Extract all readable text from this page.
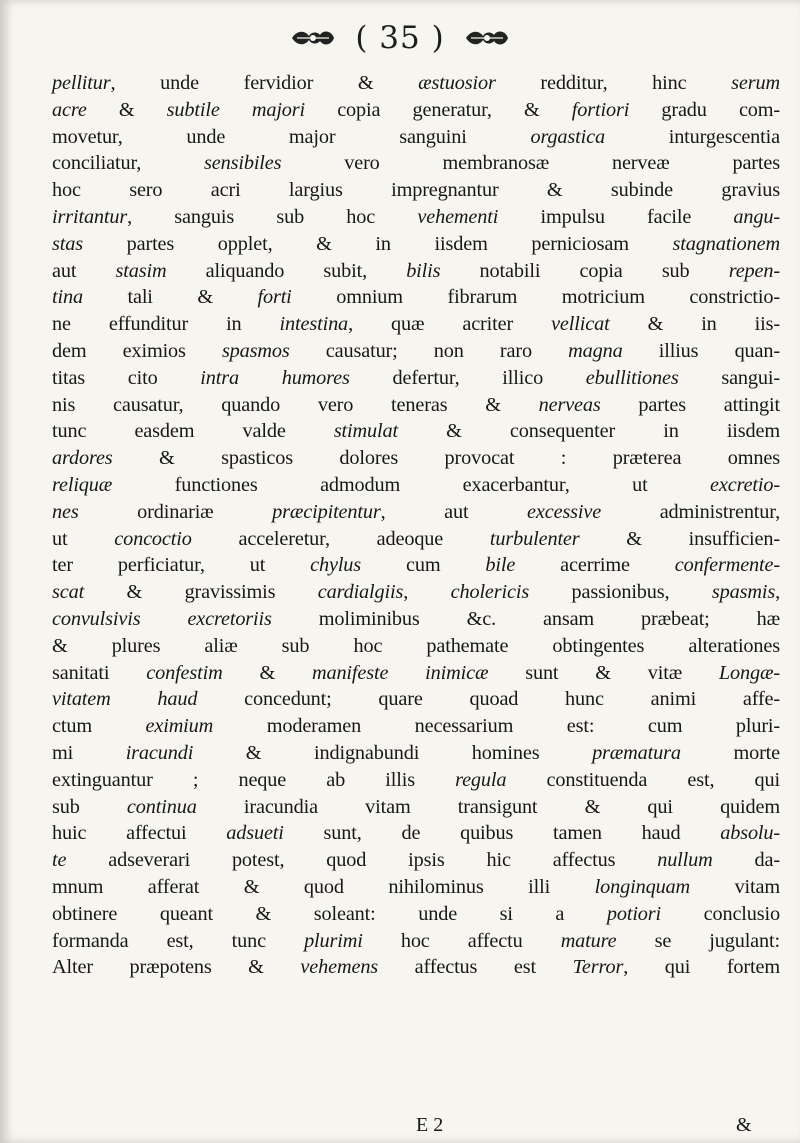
( 35 )
pellitur, unde fervidior & æstuosior redditur, hinc serum
acre & subtile majori copia generatur, & fortiori gradu com-
movetur, unde major sanguini orgastica inturgescentia
conciliatur, sensibiles vero membranosæ nerveæ partes
hoc sero acri largius impregnantur & subinde gravius
irritantur, sanguis sub hoc vehementi impulsu facile angu-
stas partes opplet, & in iisdem perniciosam stagnationem
aut stasim aliquando subit, bilis notabili copia sub repen-
tina tali & forti omnium fibrarum motricium constrictio-
ne effunditur in intestina, quæ acriter vellicat & in iis-
dem eximios spasmos causatur; non raro magna illius quan-
titas cito intra humores defertur, illico ebullitiones sangui-
nis causatur, quando vero teneras & nerveas partes attingit
tunc easdem valde stimulat & consequenter in iisdem
ardores & spasticos dolores provocat : præterea omnes
reliquæ functiones admodum exacerbantur, ut excretio-
nes ordinariæ præcipitentur, aut excessive administrentur,
ut concoctio acceleretur, adeoque turbulenter & insufficien-
ter perficiatur, ut chylus cum bile acerrime confermente-
scat & gravissimis cardialgiis, cholericis passionibus, spasmis,
convulsivis excretoriis moliminibus &c. ansam præbeat; hæ
& plures aliæ sub hoc pathemate obtingentes alterationes
sanitati confestim & manifeste inimicæ sunt & vitæ Longæ-
vitatem haud concedunt; quare quoad hunc animi affe-
ctum eximium moderamen necessarium est: cum pluri-
mi iracundi & indignabundi homines præmatura morte
extinguantur ; neque ab illis regula constituenda est, qui
sub continua iracundia vitam transigunt & qui quidem
huic affectui adsueti sunt, de quibus tamen haud absolu-
te adseverari potest, quod ipsis hic affectus nullum da-
mnum afferat & quod nihilominus illi longinquam vitam
obtinere queant & soleant: unde si a potiori conclusio
formanda est, tunc plurimi hoc affectu mature se jugulant:
Alter præpotens & vehemens affectus est Terror, qui fortem
E 2	&
